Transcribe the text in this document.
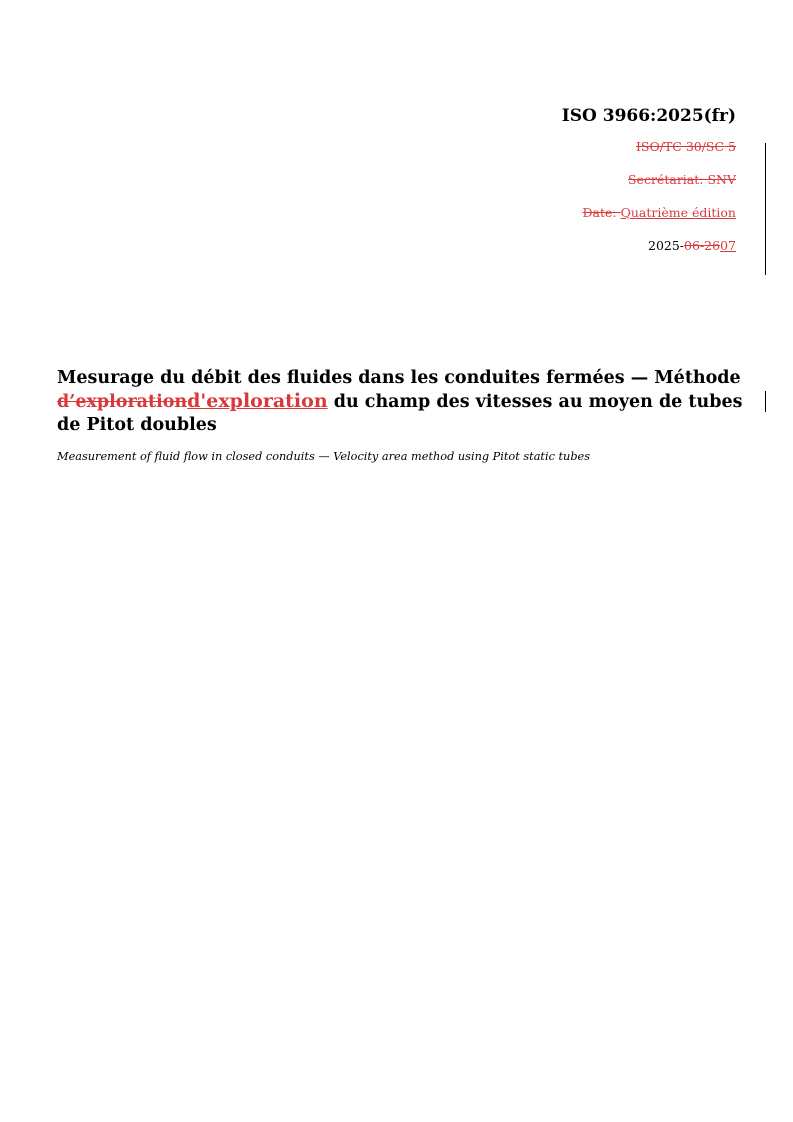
ISO 3966:2025(fr)
ISO/TC 30/SC 5
Secrétariat: SNV
Date: Quatrième édition
2025-06-2607
Mesurage du débit des fluides dans les conduites fermées — Méthode d’explorationd'exploration du champ des vitesses au moyen de tubes de Pitot doubles
Measurement of fluid flow in closed conduits — Velocity area method using Pitot static tubes
